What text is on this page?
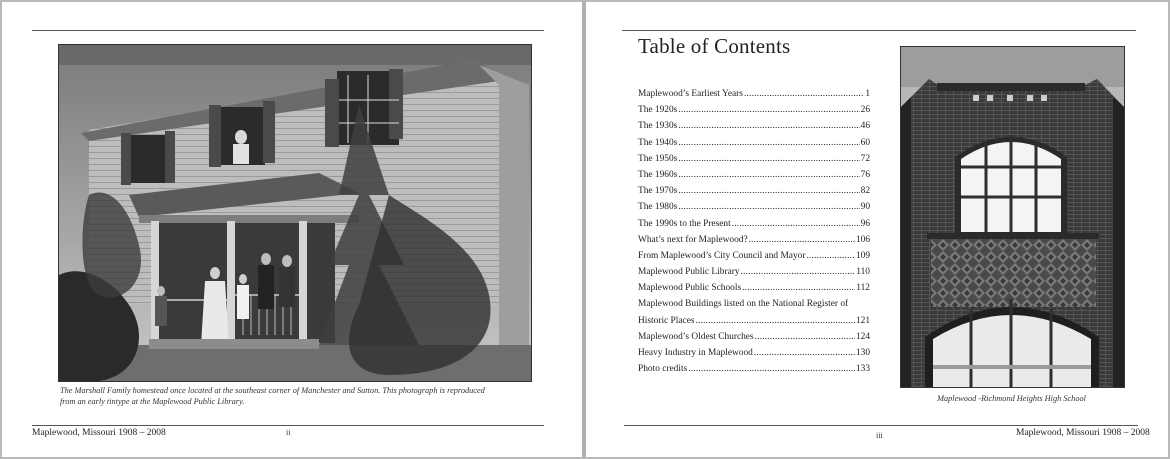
The Marshall Family homestead once located at the southeast corner of Manchester and Sutton. This photograph is reproduced from an early tintype at the Maplewood Public Library.

Maplewood, Missouri 1908 – 2008	ii
Table of Contents
Maplewood’s Earliest Years .....	1
The 1920s .....	26
The 1930s .....	46
The 1940s .....	60
The 1950s .....	72
The 1960s .....	76
The 1970s .....	82
The 1980s .....	90
The 1990s to the Present .....	96
What’s next for Maplewood? .....	106
From Maplewood’s City Council and Mayor .....	109
Maplewood Public Library .....	110
Maplewood Public Schools .....	112
Maplewood Buildings listed on the National Register of
Historic Places .....	121
Maplewood’s Oldest Churches .....	124
Heavy Industry in Maplewood .....	130
Photo credits .....	133

Maplewood -Richmond Heights High School

iii	Maplewood, Missouri 1908 – 2008
